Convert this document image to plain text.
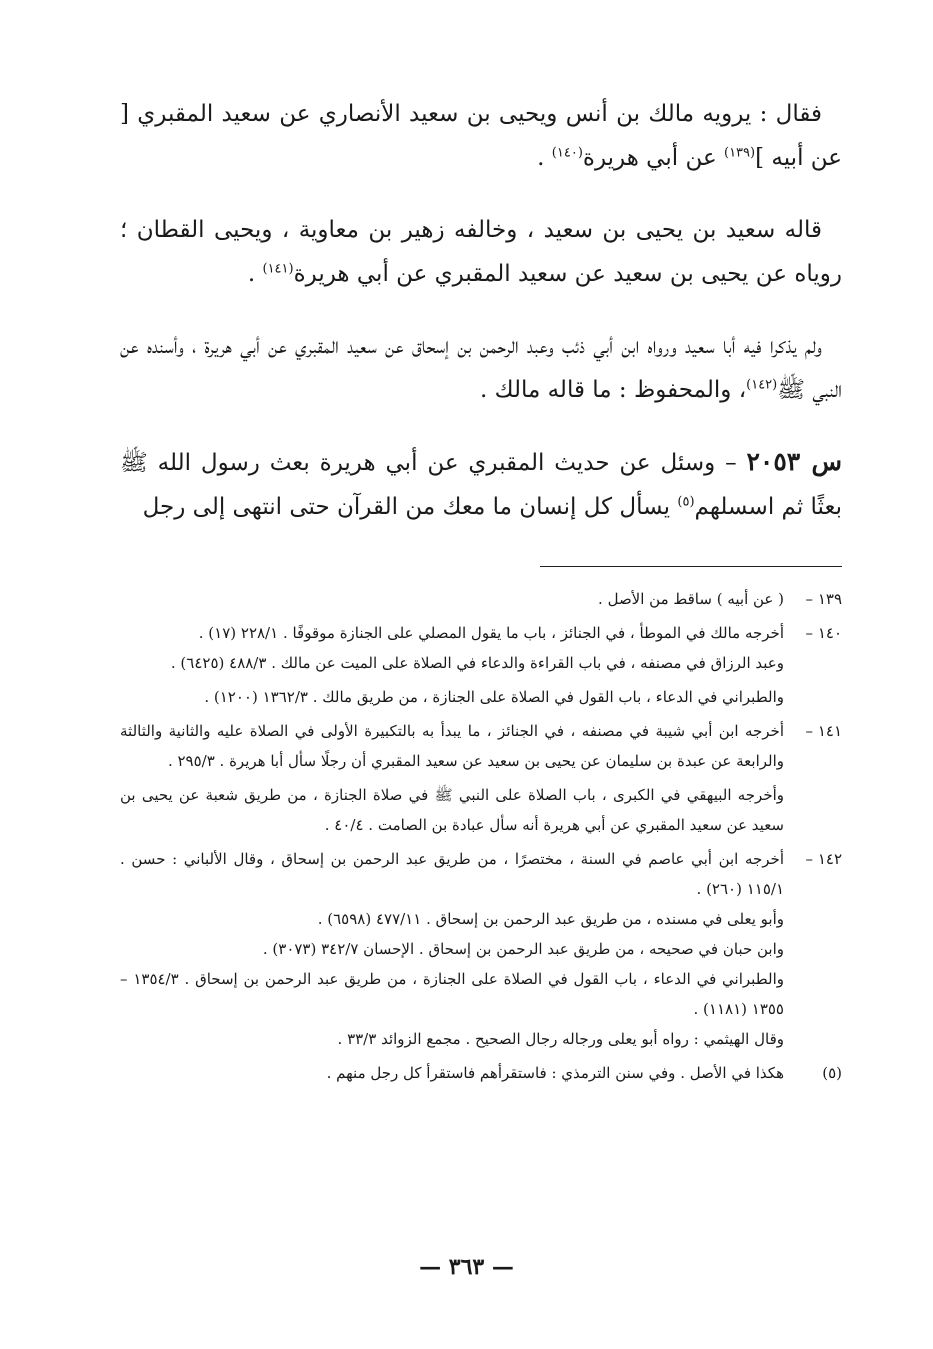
فقال : يرويه مالك بن أنس ويحيى بن سعيد الأنصاري عن سعيد المقبري [ عن أبيه ]$^{(١٣٩)}$ عن أبي هريرة$^{(١٤٠)}$ .

قاله سعيد بن يحيى بن سعيد ، وخالفه زهير بن معاوية ، ويحيى القطان ؛ روياه عن يحيى بن سعيد عن سعيد المقبري عن أبي هريرة$^{(١٤١)}$ .

ولم يذكرا فيه أبا سعيد ورواه ابن أبي ذئب وعبد الرحمن بن إسحاق عن سعيد المقبري عن أبي هريرة ، وأسنده عن النبي ﷺ$^{(١٤٢)}$، والمحفوظ : ما قاله مالك .

س ٢٠٥٣ – وسئل عن حديث المقبري عن أبي هريرة بعث رسول الله ﷺ بعثًا ثم اسسلهم$^{(٥)}$ يسأل كل إنسان ما معك من القرآن حتى انتهى إلى رجل

١٣٩ –
( عن أبيه ) ساقط من الأصل .
١٤٠ –
أخرجه مالك في الموطأ ، في الجنائز ، باب ما يقول المصلي على الجنازة موقوفًا . ٢٢٨/١ (١٧) .
وعبد الرزاق في مصنفه ، في باب القراءة والدعاء في الصلاة على الميت عن مالك . ٤٨٨/٣ (٦٤٢٥) .
والطبراني في الدعاء ، باب القول في الصلاة على الجنازة ، من طريق مالك . ١٣٦٢/٣ (١٢٠٠) .
١٤١ –
أخرجه ابن أبي شيبة في مصنفه ، في الجنائز ، ما يبدأ به بالتكبيرة الأولى في الصلاة عليه والثانية والثالثة والرابعة عن عبدة بن سليمان عن يحيى بن سعيد عن سعيد المقبري أن رجلًا سأل أبا هريرة . ٢٩٥/٣ .
وأخرجه البيهقي في الكبرى ، باب الصلاة على النبي ﷺ في صلاة الجنازة ، من طريق شعبة عن يحيى بن سعيد عن سعيد المقبري عن أبي هريرة أنه سأل عبادة بن الصامت . ٤٠/٤ .
١٤٢ –
أخرجه ابن أبي عاصم في السنة ، مختصرًا ، من طريق عبد الرحمن بن إسحاق ، وقال الألباني : حسن . ١١٥/١ (٢٦٠) .
وأبو يعلى في مسنده ، من طريق عبد الرحمن بن إسحاق . ٤٧٧/١١ (٦٥٩٨) .
وابن حبان في صحيحه ، من طريق عبد الرحمن بن إسحاق . الإحسان ٣٤٢/٧ (٣٠٧٣) .
والطبراني في الدعاء ، باب القول في الصلاة على الجنازة ، من طريق عبد الرحمن بن إسحاق . ١٣٥٤/٣ – ١٣٥٥ (١١٨١) .
وقال الهيثمي : رواه أبو يعلى ورجاله رجال الصحيح . مجمع الزوائد ٣٣/٣ .
(٥)
هكذا في الأصل . وفي سنن الترمذي : فاستقرأهم فاستقرأ كل رجل منهم .
— ٣٦٣ —
